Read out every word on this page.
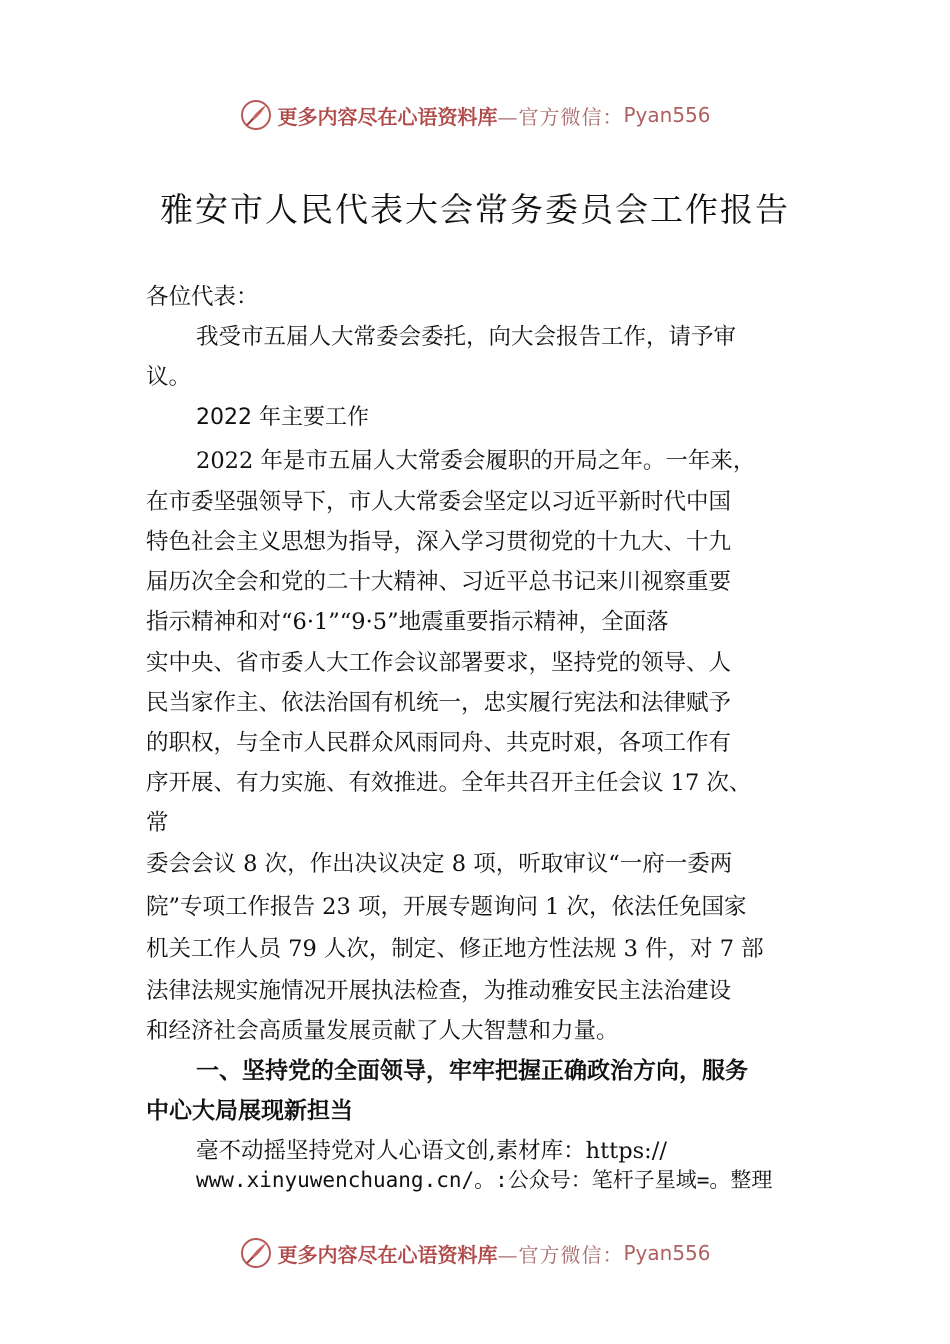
更多内容尽在心语资料库 —官方微信： Pyan556
雅安市人民代表大会常务委员会工作报告
各位代表：
我受市五届人大常委会委托，向大会报告工作，请予审
议。
2022 年主要工作
2022 年是市五届人大常委会履职的开局之年。一年来，
在市委坚强领导下，市人大常委会坚定以习近平新时代中国
特色社会主义思想为指导，深入学习贯彻党的十九大、十九
届历次全会和党的二十大精神、习近平总书记来川视察重要
指示精神和对“6·1”“9·5”地震重要指示精神，全面落
实中央、省市委人大工作会议部署要求，坚持党的领导、人
民当家作主、依法治国有机统一，忠实履行宪法和法律赋予
的职权，与全市人民群众风雨同舟、共克时艰，各项工作有
序开展、有力实施、有效推进。全年共召开主任会议 17 次、
常
委会会议 8 次，作出决议决定 8 项，听取审议“一府一委两
院”专项工作报告 23 项，开展专题询问 1 次，依法任免国家
机关工作人员 79 人次，制定、修正地方性法规 3 件，对 7 部
法律法规实施情况开展执法检查，为推动雅安民主法治建设
和经济社会高质量发展贡献了人大智慧和力量。
一、坚持党的全面领导，牢牢把握正确政治方向，服务
中心大局展现新担当
毫不动摇坚持党对人心语文创,素材库：https://
www.xinyuwenchuang.cn/。:公众号：笔杆子星域=。整理
更多内容尽在心语资料库 —官方微信： Pyan556
